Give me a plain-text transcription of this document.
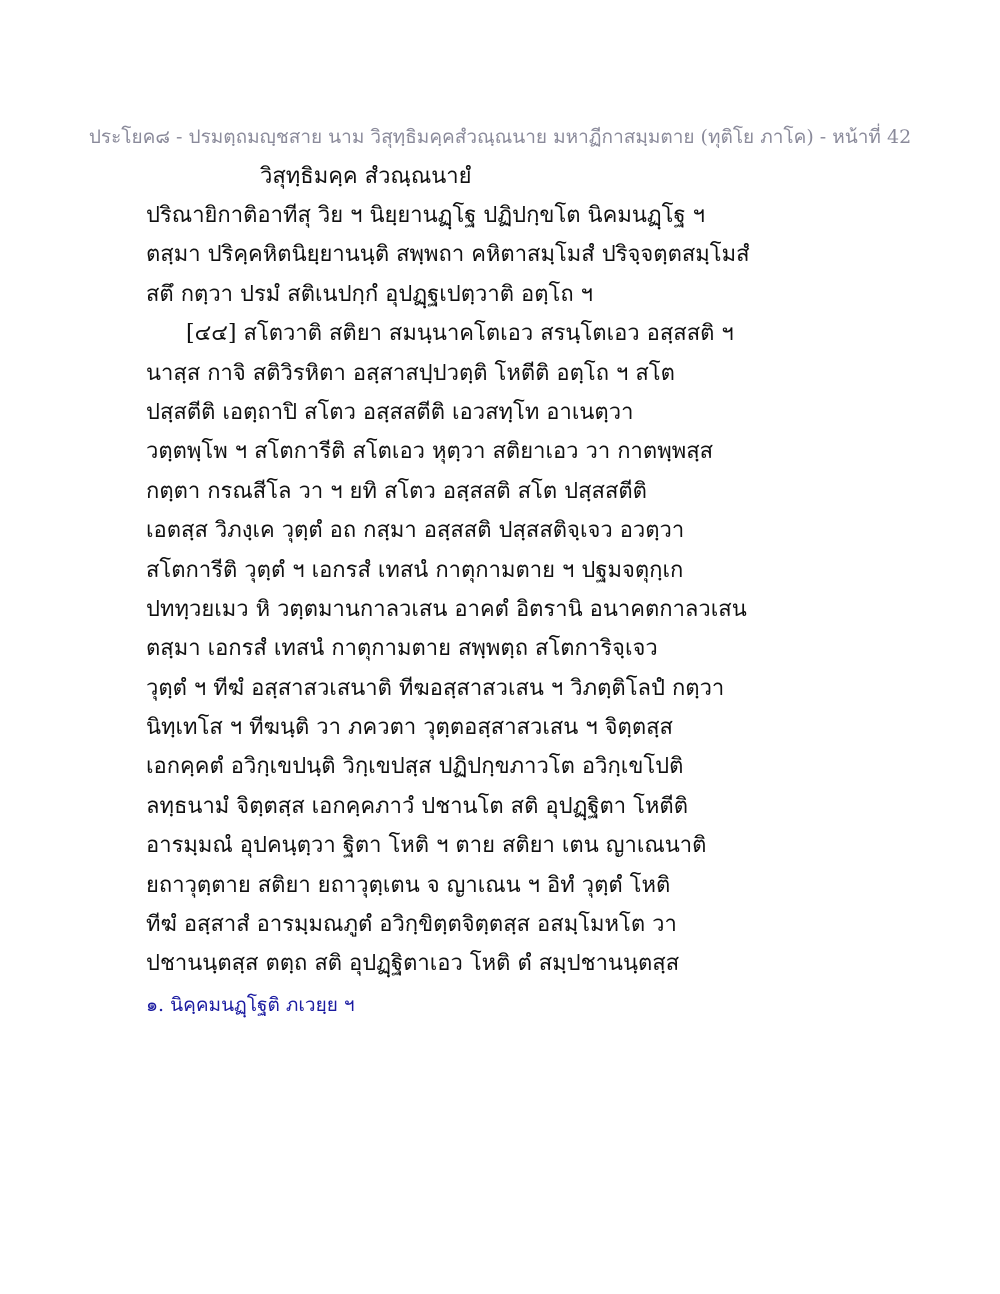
ประโยค๘ - ปรมตฺถมญฺชสาย นาม วิสุทฺธิมคฺคสํวณฺณนาย มหาฏีกาสมฺมตาย (ทุติโย ภาโค) - หน้าที่ 42
วิสุทฺธิมคฺค สํวณฺณนายํ
ปริณายิกาติอาทีสุ วิย ฯ นิยฺยานฏฺโฐ ปฏิปกฺขโต นิคมนฏฺโฐ ฯ
ตสฺมา ปริคฺคหิตนิยฺยานนฺติ สพฺพถา คหิตาสมฺโมสํ ปริจฺจตฺตสมฺโมสํ
สตึ กตฺวา ปรมํ สติเนปกฺกํ อุปฏฺฐเปตฺวาติ อตฺโถ ฯ
[๔๔] สโตวาติ สติยา สมนฺนาคโตเอว สรนฺโตเอว อสฺสสติ ฯ
นาสฺส กาจิ สติวิรหิตา อสฺสาสปฺปวตฺติ โหตีติ อตฺโถ ฯ สโต
ปสฺสตีติ เอตฺถาปิ สโตว อสฺสสตีติ เอวสทฺโท อาเนตฺวา
วตฺตพฺโพ ฯ สโตการีติ สโตเอว หุตฺวา สติยาเอว วา กาตพฺพสฺส
กตฺตา กรณสีโล วา ฯ ยทิ สโตว อสฺสสติ สโต ปสฺสสตีติ
เอตสฺส วิภงฺเค วุตฺตํ อถ กสฺมา อสฺสสติ ปสฺสสติจฺเจว อวตฺวา
สโตการีติ วุตฺตํ ฯ เอกรสํ เทสนํ กาตุกามตาย ฯ ปฐมจตุกฺเก
ปททฺวยเมว หิ วตฺตมานกาลวเสน อาคตํ อิตรานิ อนาคตกาลวเสน
ตสฺมา เอกรสํ เทสนํ กาตุกามตาย สพฺพตฺถ สโตการิจฺเจว
วุตฺตํ ฯ ทีฆํ อสฺสาสวเสนาติ ทีฆอสฺสาสวเสน ฯ วิภตฺติโลปํ กตฺวา
นิทฺเทโส ฯ ทีฆนฺติ วา ภควตา วุตฺตอสฺสาสวเสน ฯ จิตฺตสฺส
เอกคฺคตํ อวิกฺเขปนฺติ วิกฺเขปสฺส ปฏิปกฺขภาวโต อวิกฺเขโปติ
ลทฺธนามํ จิตฺตสฺส เอกคฺคภาวํ ปชานโต สติ อุปฏฺฐิตา โหตีติ
อารมฺมณํ อุปคนฺตฺวา ฐิตา โหติ ฯ ตาย สติยา เตน ญาเณนาติ
ยถาวุตฺตาย สติยา ยถาวุตฺเตน จ ญาเณน ฯ อิทํ วุตฺตํ โหติ
ทีฆํ อสฺสาสํ อารมฺมณภูตํ อวิกฺขิตฺตจิตฺตสฺส อสมฺโมหโต วา
ปชานนฺตสฺส ตตฺถ สติ อุปฏฺฐิตาเอว โหติ ตํ สมฺปชานนฺตสฺส
๑. นิคฺคมนฏฺโฐติ ภเวยฺย ฯ
